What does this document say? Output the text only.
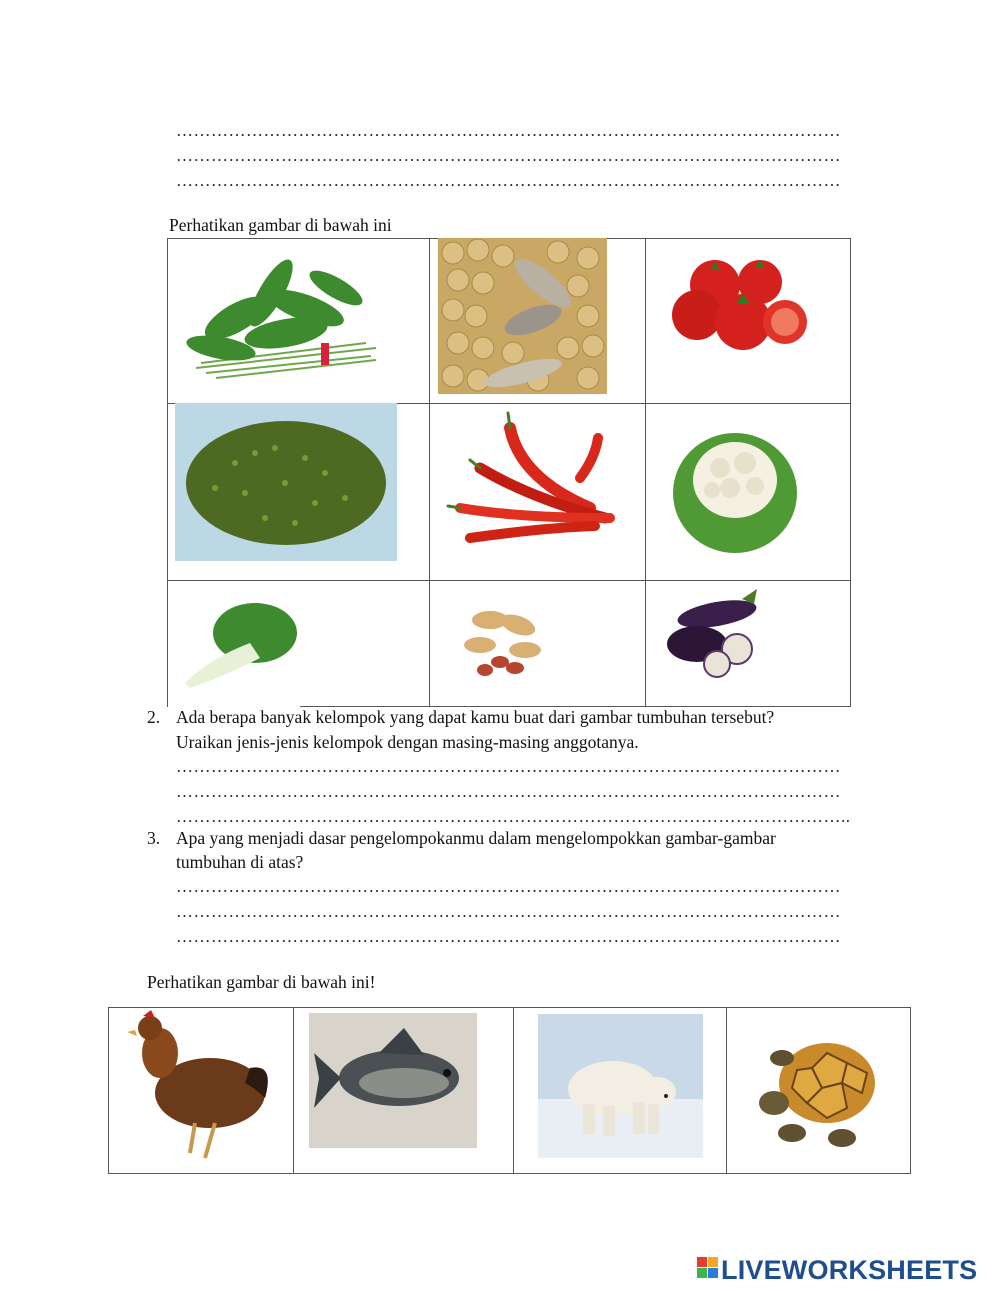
……………………………………………………………………………………………………
……………………………………………………………………………………………………
……………………………………………………………………………………………………
Perhatikan gambar di bawah ini
2. Ada berapa banyak kelompok yang dapat kamu buat dari gambar tumbuhan tersebut?
Uraikan jenis-jenis kelompok dengan masing-masing anggotanya.
……………………………………………………………………………………………………
……………………………………………………………………………………………………
……………………………………………………………………………………………………..
3. Apa yang menjadi dasar pengelompokanmu dalam mengelompokkan gambar-gambar
tumbuhan di atas?
……………………………………………………………………………………………………
……………………………………………………………………………………………………
……………………………………………………………………………………………………
Perhatikan gambar di bawah ini!
LIVEWORKSHEETS
